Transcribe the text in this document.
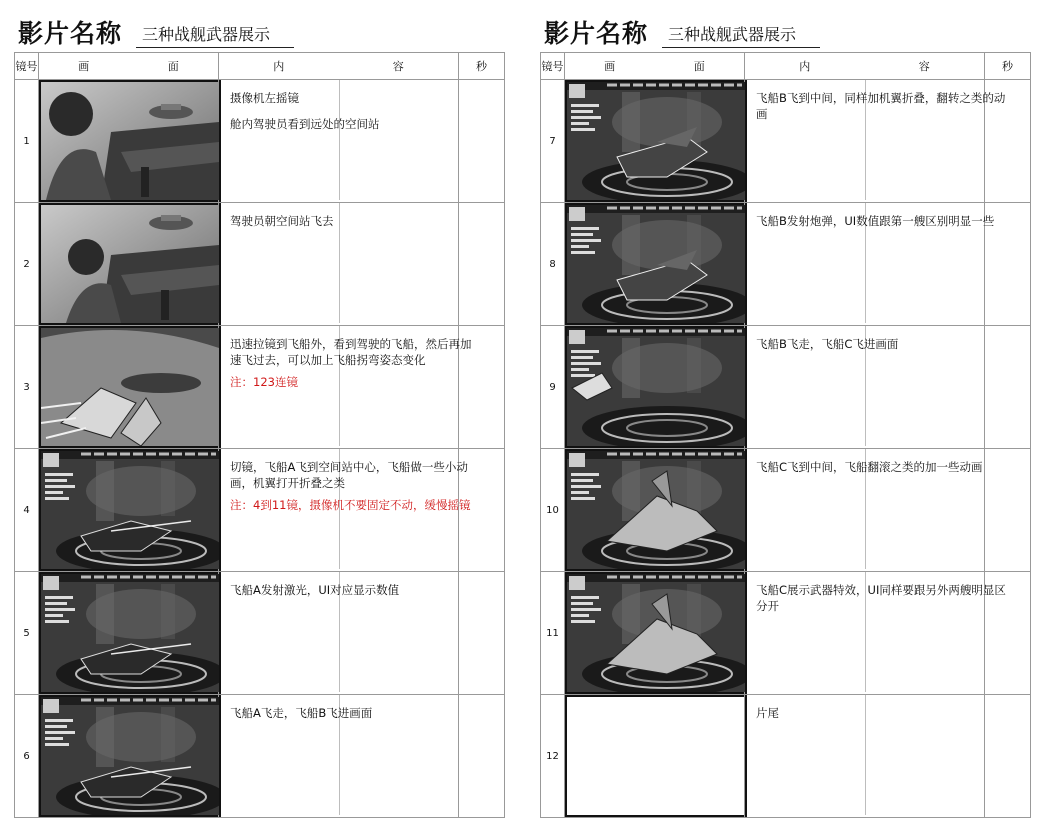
影片名称	三种战舰武器展示
镜号	画 面	内 容	秒
1		摄像机左摇镜

舱内驾驶员看到远处的空间站	

2		驾驶员朝空间站飞去	

3		迅速拉镜到飞船外，看到驾驶的飞船，然后再加速飞过去，可以加上飞船拐弯姿态变化

注：123连镜	

4		切镜，飞船A飞到空间站中心，飞船做一些小动画，机翼打开折叠之类

注：4到11镜，摄像机不要固定不动，缓慢摇镜	

5		飞船A发射激光，UI对应显示数值	

6		飞船A飞走，飞船B飞进画面	

影片名称	三种战舰武器展示
镜号	画 面	内 容	秒
7		飞船B飞到中间，同样加机翼折叠，翻转之类的动画	

8		飞船B发射炮弹，UI数值跟第一艘区别明显一些	

9		飞船B飞走，飞船C飞进画面	

10		飞船C飞到中间，飞船翻滚之类的加一些动画	

11		飞船C展示武器特效，UI同样要跟另外两艘明显区分开	

12		片尾	
